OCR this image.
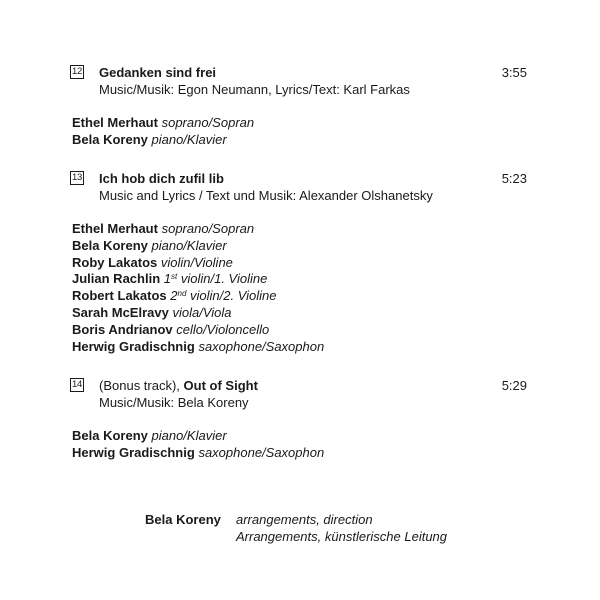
12 Gedanken sind frei	3:55
Music/Musik: Egon Neumann, Lyrics/Text: Karl Farkas
Ethel Merhaut soprano/Sopran
Bela Koreny piano/Klavier
13 Ich hob dich zufil lib	5:23
Music and Lyrics / Text und Musik: Alexander Olshanetsky
Ethel Merhaut soprano/Sopran
Bela Koreny piano/Klavier
Roby Lakatos violin/Violine
Julian Rachlin 1st violin/1. Violine
Robert Lakatos 2nd violin/2. Violine
Sarah McElravy viola/Viola
Boris Andrianov cello/Violoncello
Herwig Gradischnig saxophone/Saxophon
14 (Bonus track), Out of Sight	5:29
Music/Musik: Bela Koreny
Bela Koreny piano/Klavier
Herwig Gradischnig saxophone/Saxophon
Bela Koreny arrangements, direction
Arrangements, künstlerische Leitung
